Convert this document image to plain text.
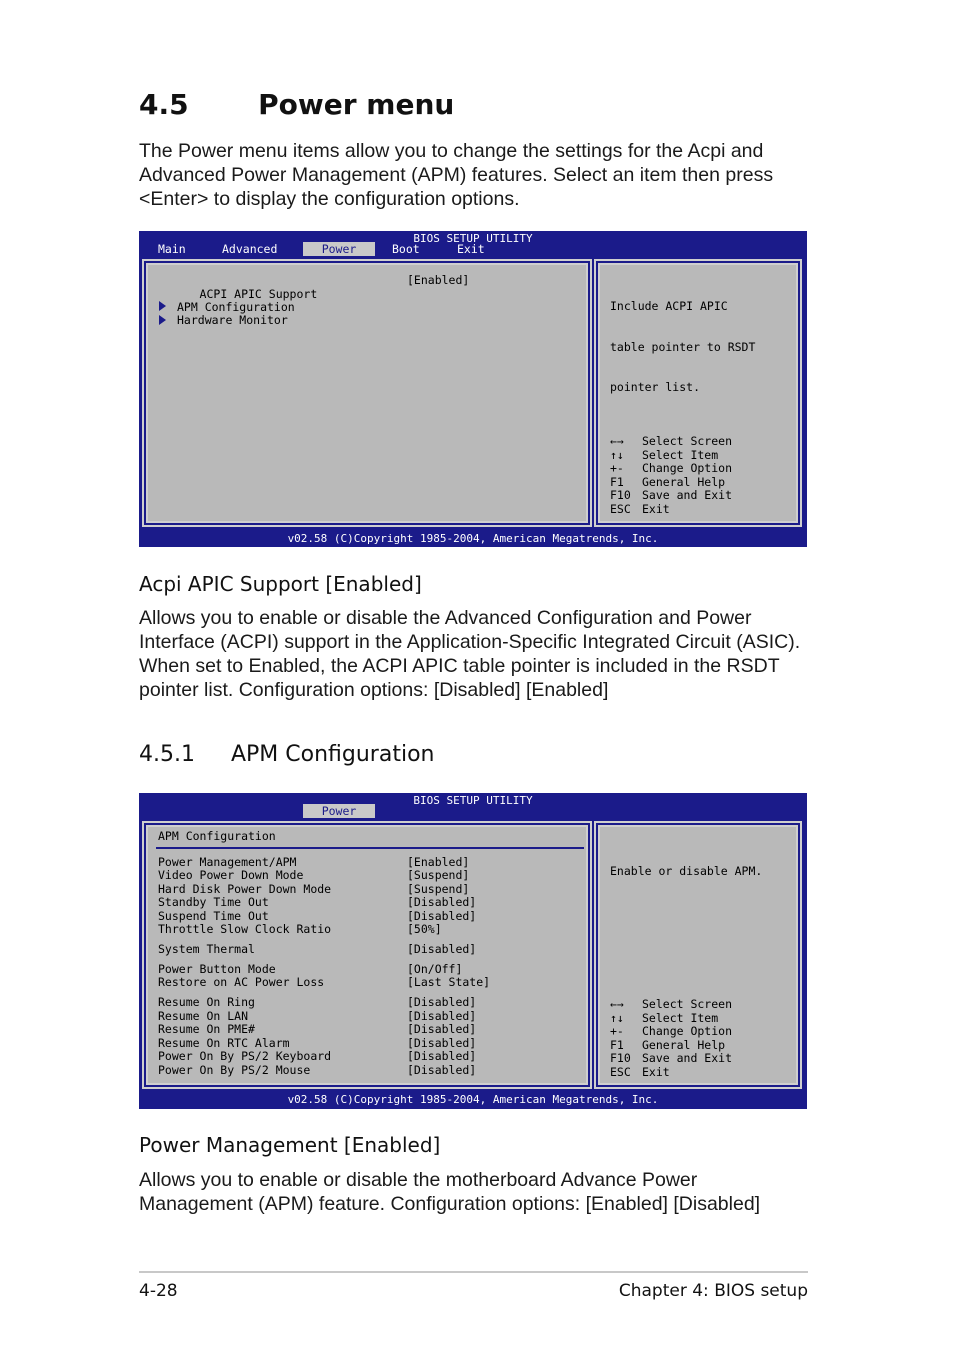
4.5 Power menu

The Power menu items allow you to change the settings for the Acpi and Advanced Power Management (APM) features. Select an item then press <Enter> to display the configuration options.

BIOS SETUP UTILITY
Main	Advanced	Power	Boot	Exit

ACPI APIC Support

[Enabled]
APM Configuration
Hardware Monitor

Include ACPI APIC

table pointer to RSDT

pointer list.

←→ Select Screen
↑↓ Select Item
+- Change Option
F1 General Help
F10 Save and Exit
ESC Exit
v02.58 (C)Copyright 1985-2004, American Megatrends, Inc.
Acpi APIC Support [Enabled]

Allows you to enable or disable the Advanced Configuration and Power Interface (ACPI) support in the Application-Specific Integrated Circuit (ASIC). When set to Enabled, the ACPI APIC table pointer is included in the RSDT pointer list. Configuration options: [Disabled] [Enabled]

4.5.1 APM Configuration
BIOS SETUP UTILITY
Power
APM Configuration
Power Management/APM	[Enabled]
Video Power Down Mode	[Suspend]
Hard Disk Power Down Mode	[Suspend]
Standby Time Out	[Disabled]
Suspend Time Out	[Disabled]
Throttle Slow Clock Ratio	[50%]
System Thermal	[Disabled]
Power Button Mode	[On/Off]
Restore on AC Power Loss	[Last State]
Resume On Ring	[Disabled]
Resume On LAN	[Disabled]
Resume On PME#	[Disabled]
Resume On RTC Alarm	[Disabled]
Power On By PS/2 Keyboard	[Disabled]
Power On By PS/2 Mouse	[Disabled]

Enable or disable APM.

←→ Select Screen
↑↓ Select Item
+- Change Option
F1 General Help
F10 Save and Exit
ESC Exit
v02.58 (C)Copyright 1985-2004, American Megatrends, Inc.
Power Management [Enabled]

Allows you to enable or disable the motherboard Advance Power Management (APM) feature. Configuration options: [Enabled] [Disabled]

4-28	Chapter 4: BIOS setup
